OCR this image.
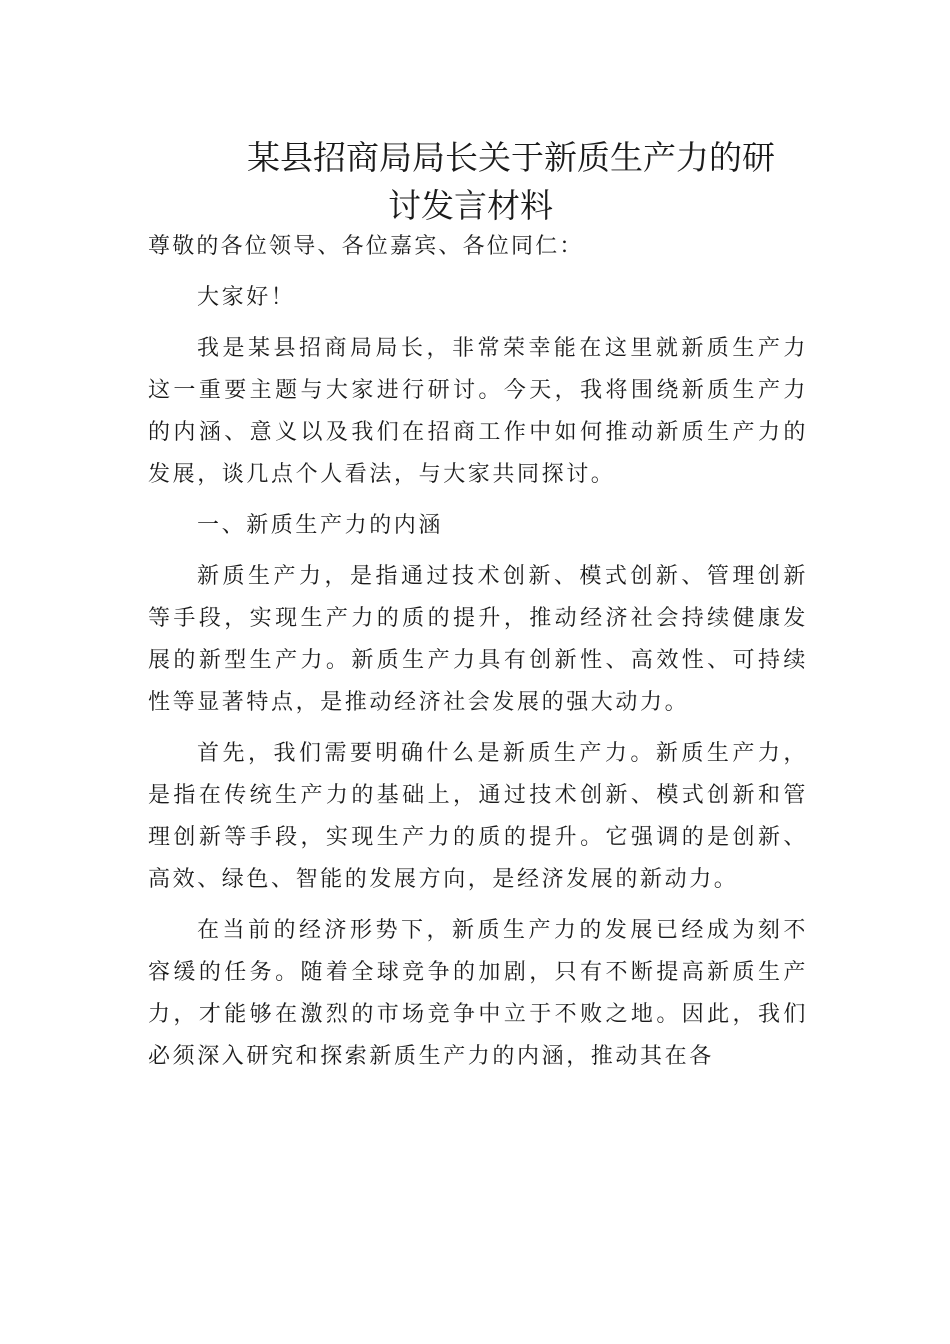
某县招商局局长关于新质生产力的研
讨发言材料
尊敬的各位领导、各位嘉宾、各位同仁：
大家好！
我是某县招商局局长，非常荣幸能在这里就新质生产力这一重要主题与大家进行研讨。今天，我将围绕新质生产力的内涵、意义以及我们在招商工作中如何推动新质生产力的发展，谈几点个人看法，与大家共同探讨。
一、新质生产力的内涵
新质生产力，是指通过技术创新、模式创新、管理创新等手段，实现生产力的质的提升，推动经济社会持续健康发展的新型生产力。新质生产力具有创新性、高效性、可持续性等显著特点，是推动经济社会发展的强大动力。
首先，我们需要明确什么是新质生产力。新质生产力，是指在传统生产力的基础上，通过技术创新、模式创新和管理创新等手段，实现生产力的质的提升。它强调的是创新、高效、绿色、智能的发展方向，是经济发展的新动力。
在当前的经济形势下，新质生产力的发展已经成为刻不容缓的任务。随着全球竞争的加剧，只有不断提高新质生产力，才能够在激烈的市场竞争中立于不败之地。因此，我们必须深入研究和探索新质生产力的内涵，推动其在各
